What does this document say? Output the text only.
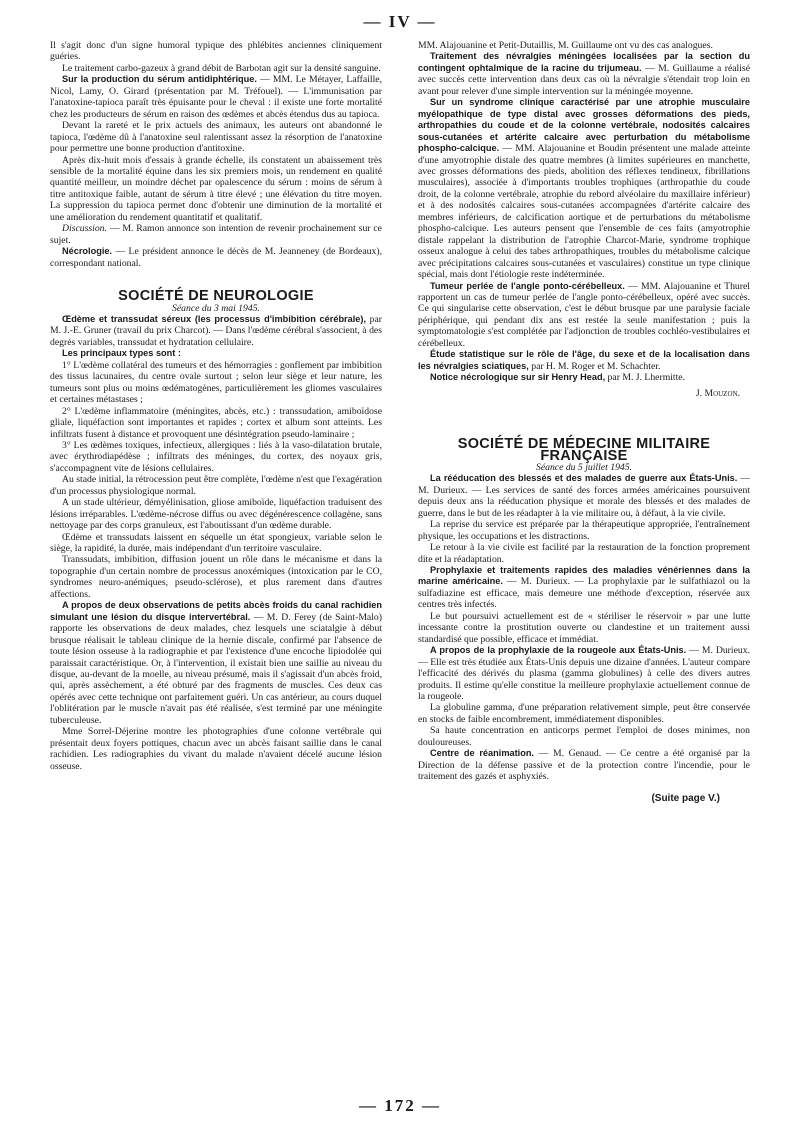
— IV —

Il s'agit donc d'un signe humoral typique des phlébites anciennes cliniquement guéries.

Le traitement carbo-gazeux à grand débit de Barbotan agit sur la densité sanguine.

Sur la production du sérum antidiphtérique. — MM. Le Métayer, Laffaille, Nicol, Lamy, O. Girard (présentation par M. Tréfouel). — L'immunisation par l'anatoxine-tapioca paraît très épuisante pour le cheval : il existe une forte mortalité chez les producteurs de sérum en raison des œdèmes et abcès étendus dus au tapioca.

Devant la rareté et le prix actuels des animaux, les auteurs ont abandonné le tapioca, l'œdème dû à l'anatoxine seul ralentissant assez la résorption de l'anatoxine pour permettre une bonne production d'antitoxine.

Après dix-huit mois d'essais à grande échelle, ils constatent un abaissement très sensible de la mortalité équine dans les six premiers mois, un rendement en qualité quantité meilleur, un moindre déchet par opalescence du sérum : moins de sérum à titre antitoxique faible, autant de sérum à titre élevé ; une élévation du titre moyen. La suppression du tapioca permet donc d'obtenir une diminution de la mortalité et une amélioration du rendement quantitatif et qualitatif.

Discussion. — M. Ramon annonce son intention de revenir prochainement sur ce sujet.

Nécrologie. — Le président annonce le décès de M. Jeanneney (de Bordeaux), correspondant national.

SOCIÉTÉ DE NEUROLOGIE

Séance du 3 mai 1945.

Œdème et transsudat séreux (les processus d'imbibition cérébrale), par M. J.-E. Gruner (travail du prix Charcot). — Dans l'œdème cérébral s'associent, à des degrés variables, transsudat et hydratation cellulaire.

Les principaux types sont :

1° L'œdème collatéral des tumeurs et des hémorragies : gonflement par imbibition des tissus lacunaires, du centre ovale surtout ; selon leur siège et leur nature, les tumeurs sont plus ou moins œdématogènes, particulièrement les gliomes vasculaires et certaines métastases ;

2° L'œdème inflammatoire (méningites, abcès, etc.) : transsudation, amiboïdose gliale, liquéfaction sont importantes et rapides ; cortex et album sont atteints. Les infiltrats fusent à distance et provoquent une désintégration pseudo-laminaire ;

3° Les œdèmes toxiques, infectieux, allergiques : liés à la vaso-dilatation brutale, avec érythrodiapédèse ; infiltrats des méninges, du cortex, des noyaux gris, s'accompagnent vite de lésions cellulaires.

Au stade initial, la rétrocession peut être complète, l'œdème n'est que l'exagération d'un processus physiologique normal.

A un stade ultérieur, démyélinisation, gliose amiboïde, liquéfaction traduisent des lésions irréparables. L'œdème-nécrose diffus ou avec dégénérescence collagène, sans nettoyage par des corps granuleux, est l'aboutissant d'un œdème durable.

Œdème et transsudats laissent en séquelle un état spongieux, variable selon le siège, la rapidité, la durée, mais indépendant d'un territoire vasculaire.

Transsudats, imbibition, diffusion jouent un rôle dans le mécanisme et dans la topographie d'un certain nombre de processus anoxémiques (intoxication par le CO, syndromes neuro-anémiques, pseudo-sclérose), et plus rarement dans d'autres affections.

A propos de deux observations de petits abcès froids du canal rachidien simulant une lésion du disque intervertébral. — M. D. Ferey (de Saint-Malo) rapporte les observations de deux malades, chez lesquels une sciatalgie à début brusque réalisait le tableau clinique de la hernie discale, confirmé par l'absence de toute lésion osseuse à la radiographie et par l'existence d'une encoche lipiodolée qui paraissait caractéristique. Or, à l'intervention, il existait bien une saillie au niveau du disque, au-devant de la moelle, au niveau présumé, mais il s'agissait d'un abcès froid, qui, après assèchement, a été obturé par des fragments de muscles. Ces deux cas opérés avec cette technique ont parfaitement guéri. Un cas antérieur, au cours duquel l'oblitération par le muscle n'avait pas été réalisée, s'est terminé par une méningite tuberculeuse.

Mme Sorrel-Déjerine montre les photographies d'une colonne vertébrale qui présentait deux foyers pottiques, chacun avec un abcès faisant saillie dans le canal rachidien. Les radiographies du vivant du malade n'avaient décelé aucune lésion osseuse.

MM. Alajouanine et Petit-Dutaillis, M. Guillaume ont vu des cas analogues.

Traitement des névralgies méningées localisées par la section du contingent ophtalmique de la racine du trijumeau. — M. Guillaume a réalisé avec succès cette intervention dans deux cas où la névralgie s'étendait trop loin en avant pour relever d'une simple intervention sur la méningée moyenne.

Sur un syndrome clinique caractérisé par une atrophie musculaire myélopathique de type distal avec grosses déformations des pieds, arthropathies du coude et de la colonne vertébrale, nodosités calcaires sous-cutanées et artérite calcaire avec perturbation du métabolisme phospho-calcique. — MM. Alajouanine et Boudin présentent une malade atteinte d'une amyotrophie distale des quatre membres (à limites supérieures en manchette, avec grosses déformations des pieds, abolition des réflexes tendineux, fibrillations musculaires), associée à d'importants troubles trophiques (arthropathie du coude droit, de la colonne vertébrale, atrophie du rebord alvéolaire du maxillaire inférieur) et à des nodosités calcaires sous-cutanées accompagnées d'artérite calcaire des membres inférieurs, de calcification aortique et de perturbations du métabolisme phospho-calcique. Les auteurs pensent que l'ensemble de ces faits (amyotrophie distale rappelant la distribution de l'atrophie Charcot-Marie, syndrome trophique osseux analogue à celui des tabes arthropathiques, troubles du métabolisme calcique avec précipitations calcaires sous-cutanées et vasculaires) constitue un type clinique spécial, mais dont l'étiologie reste indéterminée.

Tumeur perlée de l'angle ponto-cérébelleux. — MM. Alajouanine et Thurel rapportent un cas de tumeur perlée de l'angle ponto-cérébelleux, opéré avec succès. Ce qui singularise cette observation, c'est le début brusque par une paralysie faciale périphérique, qui pendant dix ans est restée la seule manifestation ; puis la symptomatologie s'est complétée par l'adjonction de troubles cochléo-vestibulaires et cérébelleux.

Étude statistique sur le rôle de l'âge, du sexe et de la localisation dans les névralgies sciatiques, par H. M. Roger et M. Schachter.

Notice nécrologique sur sir Henry Head, par M. J. Lhermitte.

J. Mouzon.

SOCIÉTÉ DE MÉDECINE MILITAIRE FRANÇAISE

Séance du 5 juillet 1945.

La rééducation des blessés et des malades de guerre aux États-Unis. — M. Durieux. — Les services de santé des forces armées américaines poursuivent depuis deux ans la rééducation physique et morale des blessés et des malades de guerre, dans le but de les réadapter à la vie militaire ou, à défaut, à la vie civile.

La reprise du service est préparée par la thérapeutique appropriée, l'entraînement physique, les occupations et les distractions.

Le retour à la vie civile est facilité par la restauration de la fonction proprement dite et la réadaptation.

Prophylaxie et traitements rapides des maladies vénériennes dans la marine américaine. — M. Durieux. — La prophylaxie par le sulfathiazol ou la sulfadiazine est efficace, mais demeure une méthode d'exception, réservée aux centres très infectés.

Le but poursuivi actuellement est de « stériliser le réservoir » par une lutte incessante contre la prostitution ouverte ou clandestine et un traitement aussi standardisé que possible, efficace et immédiat.

A propos de la prophylaxie de la rougeole aux États-Unis. — M. Durieux. — Elle est très étudiée aux États-Unis depuis une dizaine d'années. L'auteur compare l'efficacité des dérivés du plasma (gamma globulines) à celle des divers autres produits. Il estime qu'elle constitue la meilleure prophylaxie actuellement connue de la rougeole.

La globuline gamma, d'une préparation relativement simple, peut être conservée en stocks de faible encombrement, immédiatement disponibles.

Sa haute concentration en anticorps permet l'emploi de doses minimes, non douloureuses.

Centre de réanimation. — M. Genaud. — Ce centre a été organisé par la Direction de la défense passive et de la protection contre l'incendie, pour le traitement des gazés et asphyxiés.

(Suite page V.)

— 172 —
